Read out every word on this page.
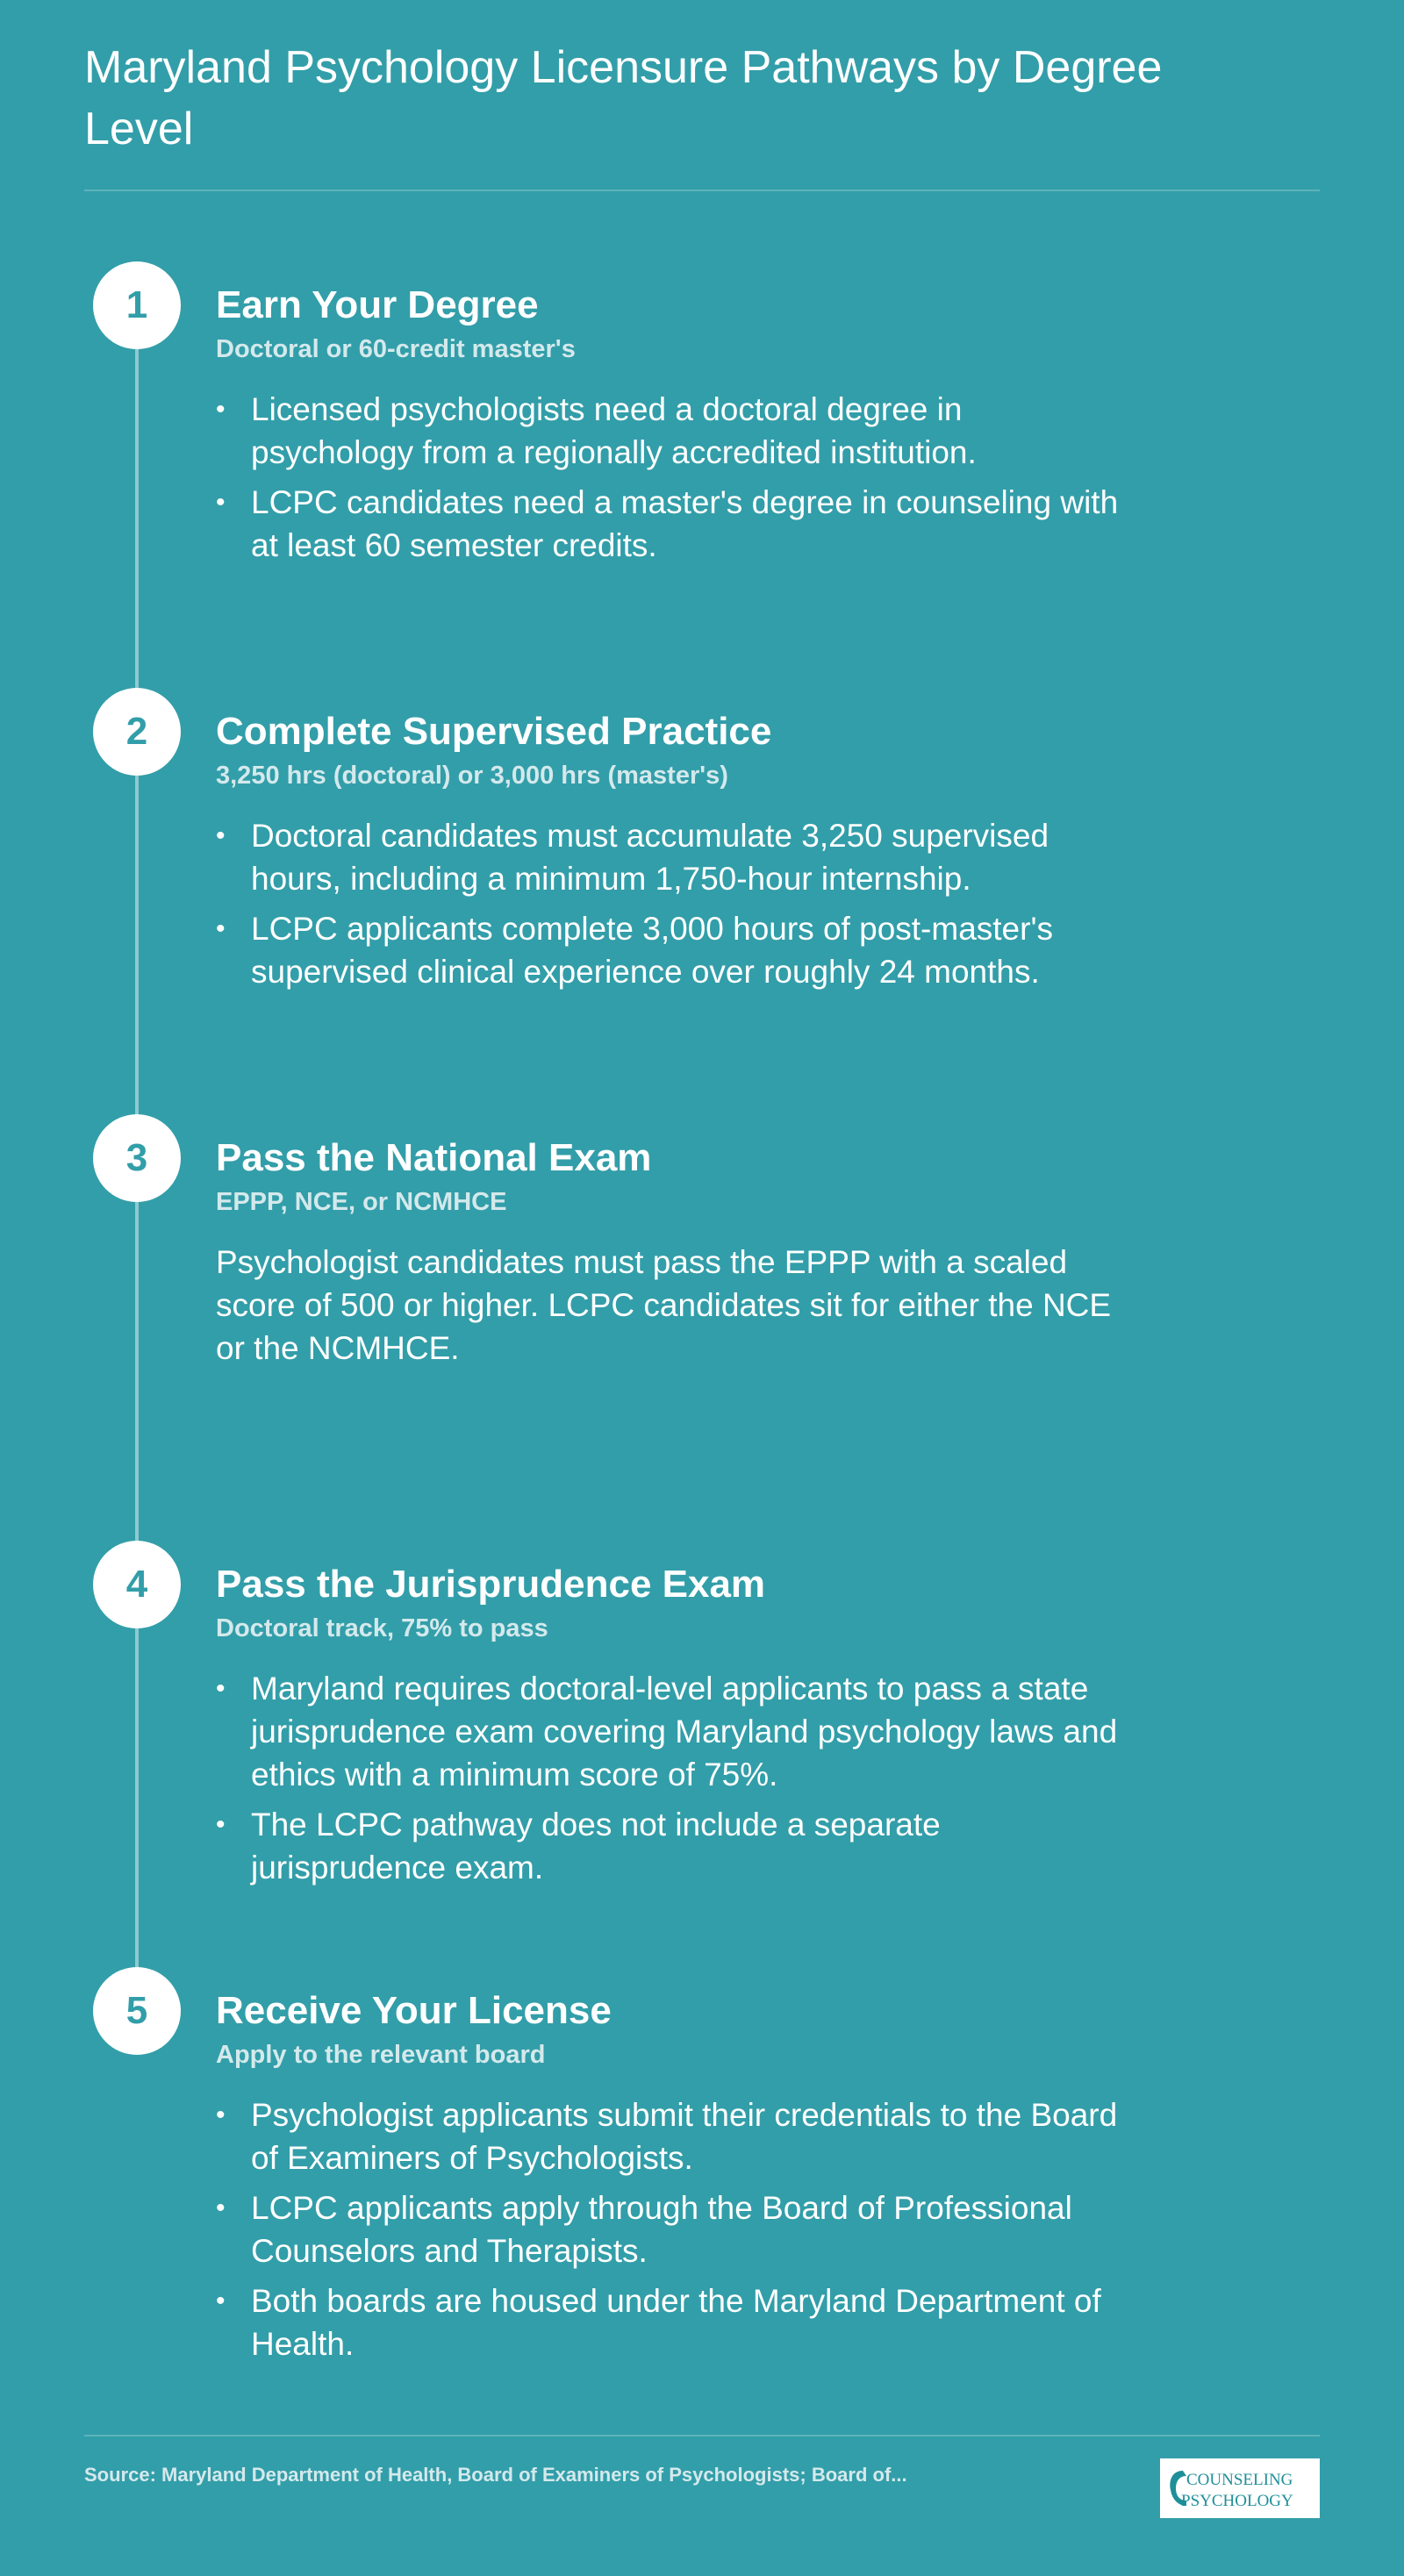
Maryland Psychology Licensure Pathways by Degree Level
1	Earn Your Degree
Doctoral or 60-credit master's
• Licensed psychologists need a doctoral degree in psychology from a regionally accredited institution.
• LCPC candidates need a master's degree in counseling with at least 60 semester credits.
2	Complete Supervised Practice
3,250 hrs (doctoral) or 3,000 hrs (master's)
• Doctoral candidates must accumulate 3,250 supervised hours, including a minimum 1,750-hour internship.
• LCPC applicants complete 3,000 hours of post-master's supervised clinical experience over roughly 24 months.
3	Pass the National Exam
EPPP, NCE, or NCMHCE

Psychologist candidates must pass the EPPP with a scaled score of 500 or higher. LCPC candidates sit for either the NCE or the NCMHCE.

4	Pass the Jurisprudence Exam
Doctoral track, 75% to pass
• Maryland requires doctoral-level applicants to pass a state jurisprudence exam covering Maryland psychology laws and ethics with a minimum score of 75%.
• The LCPC pathway does not include a separate jurisprudence exam.
5	Receive Your License
Apply to the relevant board
• Psychologist applicants submit their credentials to the Board of Examiners of Psychologists.
• LCPC applicants apply through the Board of Professional Counselors and Therapists.
• Both boards are housed under the Maryland Department of Health.
Source: Maryland Department of Health, Board of Examiners of Psychologists; Board of...	COUNSELING
PSYCHOLOGY
